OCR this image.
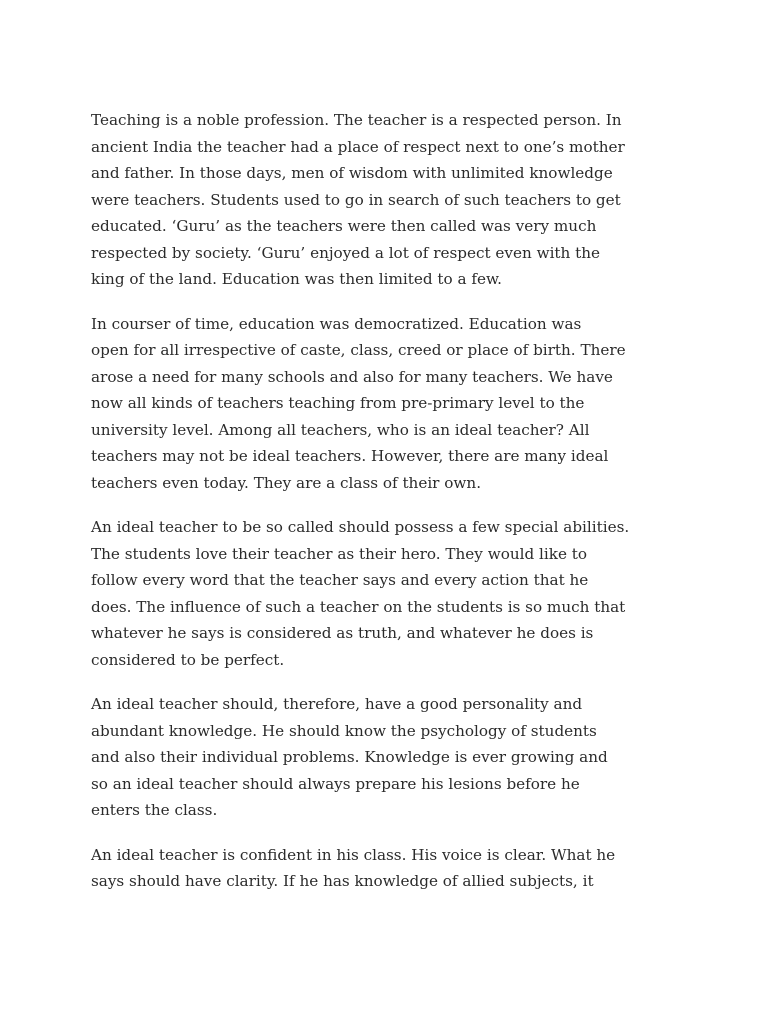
Teaching is a noble profession. The teacher is a respected person. In
ancient India the teacher had a place of respect next to one’s mother
and father. In those days, men of wisdom with unlimited knowledge
were teachers. Students used to go in search of such teachers to get
educated. ‘Guru’ as the teachers were then called was very much
respected by society. ‘Guru’ enjoyed a lot of respect even with the
king of the land. Education was then limited to a few.

In courser of time, education was democratized. Education was
open for all irrespective of caste, class, creed or place of birth. There
arose a need for many schools and also for many teachers. We have
now all kinds of teachers teaching from pre-primary level to the
university level. Among all teachers, who is an ideal teacher? All
teachers may not be ideal teachers. However, there are many ideal
teachers even today. They are a class of their own.

An ideal teacher to be so called should possess a few special abilities.
The students love their teacher as their hero. They would like to
follow every word that the teacher says and every action that he
does. The influence of such a teacher on the students is so much that
whatever he says is considered as truth, and whatever he does is
considered to be perfect.

An ideal teacher should, therefore, have a good personality and
abundant knowledge. He should know the psychology of students
and also their individual problems. Knowledge is ever growing and
so an ideal teacher should always prepare his lesions before he
enters the class.

An ideal teacher is confident in his class. His voice is clear. What he
says should have clarity. If he has knowledge of allied subjects, it
